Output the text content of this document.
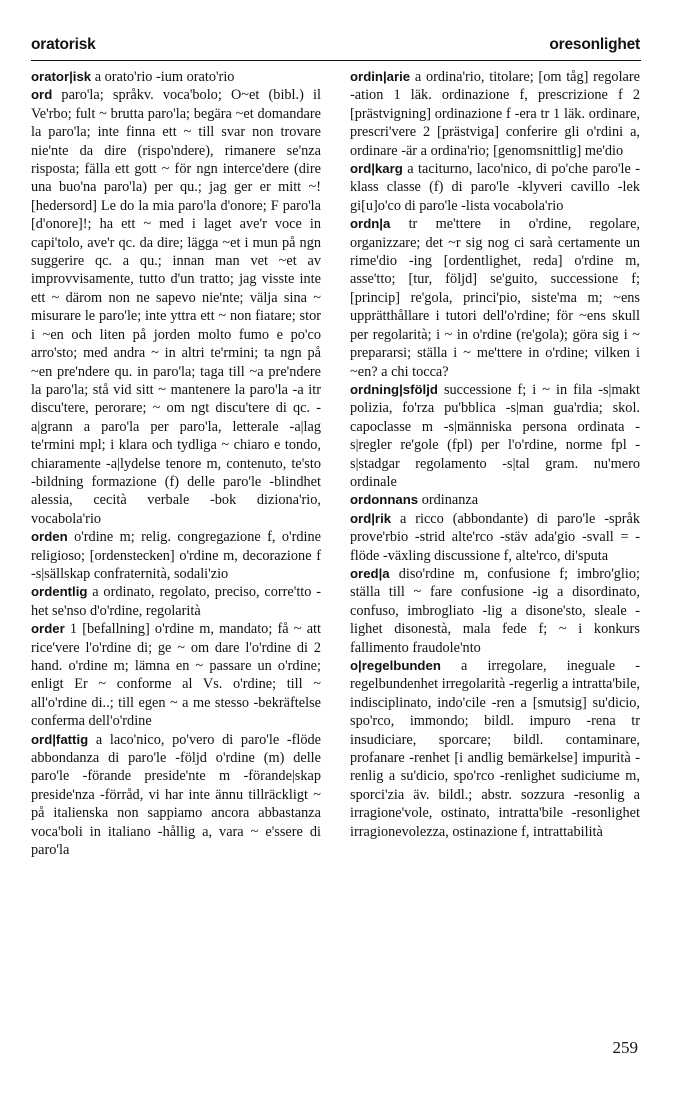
oratorisk	oresonlighet

orator|isk a orato'rio -ium orato'rio

ord paro'la; språkv. voca'bolo; O~et (bibl.) il Ve'rbo; fult ~ brutta paro'la; begära ~et domandare la paro'la; inte finna ett ~ till svar non trovare nie'nte da dire (rispo'ndere), rimanere se'nza risposta; fälla ett gott ~ för ngn interce'dere (dire una buo'na paro'la) per qu.; jag ger er mitt ~! [hedersord] Le do la mia paro'la d'onore; F paro'la [d'onore]!; ha ett ~ med i laget ave'r voce in capi'tolo, ave'r qc. da dire; lägga ~et i mun på ngn suggerire qc. a qu.; innan man vet ~et av improvvisamente, tutto d'un tratto; jag visste inte ett ~ därom non ne sapevo nie'nte; välja sina ~ misurare le paro'le; inte yttra ett ~ non fiatare; stor i ~en och liten på jorden molto fumo e po'co arro'sto; med andra ~ in altri te'rmini; ta ngn på ~en pre'ndere qu. in paro'la; taga till ~a pre'ndere la paro'la; stå vid sitt ~ mantenere la paro'la -a itr discu'tere, perorare; ~ om ngt discu'tere di qc. -a|grann a paro'la per paro'la, letterale -a|lag te'rmini mpl; i klara och tydliga ~ chiaro e tondo, chiaramente -a|lydelse tenore m, contenuto, te'sto -bildning formazione (f) delle paro'le -blindhet alessia, cecità verbale -bok diziona'rio, vocabola'rio

orden o'rdine m; relig. congregazione f, o'rdine religioso; [ordenstecken] o'rdine m, decorazione f -s|sällskap confraternità, sodali'zio

ordentlig a ordinato, regolato, preciso, corre'tto -het se'nso d'o'rdine, regolarità

order 1 [befallning] o'rdine m, mandato; få ~ att rice'vere l'o'rdine di; ge ~ om dare l'o'rdine di 2 hand. o'rdine m; lämna en ~ passare un o'rdine; enligt Er ~ conforme al Vs. o'rdine; till ~ all'o'rdine di..; till egen ~ a me stesso -bekräftelse conferma dell'o'rdine

ord|fattig a laco'nico, po'vero di paro'le -flöde abbondanza di paro'le -följd o'rdine (m) delle paro'le -förande preside'nte m -förande|skap preside'nza -förråd, vi har inte ännu tillräckligt ~ på italienska non sappiamo ancora abbastanza voca'boli in italiano -hållig a, vara ~ e'ssere di paro'la

ordin|arie a ordina'rio, titolare; [om tåg] regolare -ation 1 läk. ordinazione f, prescrizione f 2 [prästvigning] ordinazione f -era tr 1 läk. ordinare, prescri'vere 2 [prästviga] conferire gli o'rdini a, ordinare -är a ordina'rio; [genomsnittlig] me'dio

ord|karg a taciturno, laco'nico, di po'che paro'le -klass classe (f) di paro'le -klyveri cavillo -lek gi[u]o'co di paro'le -lista vocabola'rio

ordn|a tr me'ttere in o'rdine, regolare, organizzare; det ~r sig nog ci sarà certamente un rime'dio -ing [ordentlighet, reda] o'rdine m, asse'tto; [tur, följd] se'guito, successione f; [princip] re'gola, princi'pio, siste'ma m; ~ens upprätthållare i tutori dell'o'rdine; för ~ens skull per regolarità; i ~ in o'rdine (re'gola); göra sig i ~ prepararsi; ställa i ~ me'ttere in o'rdine; vilken i ~en? a chi tocca?

ordning|sföljd successione f; i ~ in fila -s|makt polizia, fo'rza pu'bblica -s|man gua'rdia; skol. capoclasse m -s|människa persona ordinata -s|regler re'gole (fpl) per l'o'rdine, norme fpl -s|stadgar regolamento -s|tal gram. nu'mero ordinale

ordonnans ordinanza

ord|rik a ricco (abbondante) di paro'le -språk prove'rbio -strid alte'rco -stäv ada'gio -svall = -flöde -växling discussione f, alte'rco, di'sputa

ored|a diso'rdine m, confusione f; imbro'glio; ställa till ~ fare confusione -ig a disordinato, confuso, imbrogliato -lig a disone'sto, sleale -lighet disonestà, mala fede f; ~ i konkurs fallimento fraudole'nto

o|regelbunden a irregolare, ineguale -regelbundenhet irregolarità -regerlig a intratta'bile, indisciplinato, indo'cile -ren a [smutsig] su'dicio, spo'rco, immondo; bildl. impuro -rena tr insudiciare, sporcare; bildl. contaminare, profanare -renhet [i andlig bemärkelse] impurità -renlig a su'dicio, spo'rco -renlighet sudiciume m, sporci'zia äv. bildl.; abstr. sozzura -resonlig a irragione'vole, ostinato, intratta'bile -resonlighet irragionevolezza, ostinazione f, intrattabilità

259
